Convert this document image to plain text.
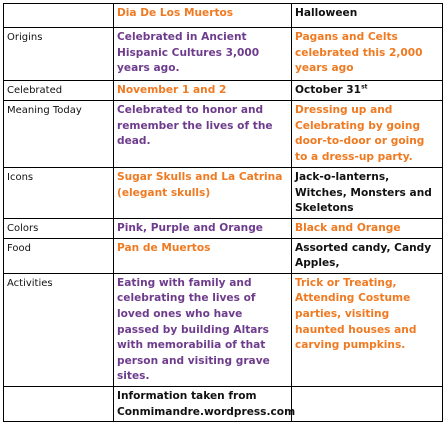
	Dia De Los Muertos	Halloween
Origins	Celebrated in Ancient Hispanic Cultures 3,000 years ago.	Pagans and Celts celebrated this 2,000 years ago
Celebrated	November 1 and 2	October 31st
Meaning Today	Celebrated to honor and remember the lives of the dead.	Dressing up and Celebrating by going door-to-door or going to a dress-up party.
Icons	Sugar Skulls and La Catrina (elegant skulls)	Jack-o-lanterns, Witches, Monsters and Skeletons
Colors	Pink, Purple and Orange	Black and Orange
Food	Pan de Muertos	Assorted candy, Candy Apples,
Activities	Eating with family and celebrating the lives of loved ones who have passed by building Altars with memorabilia of that person and visiting grave sites.	Trick or Treating, Attending Costume parties, visiting haunted houses and carving pumpkins.
	Information taken from Conmimandre.wordpress.com	
